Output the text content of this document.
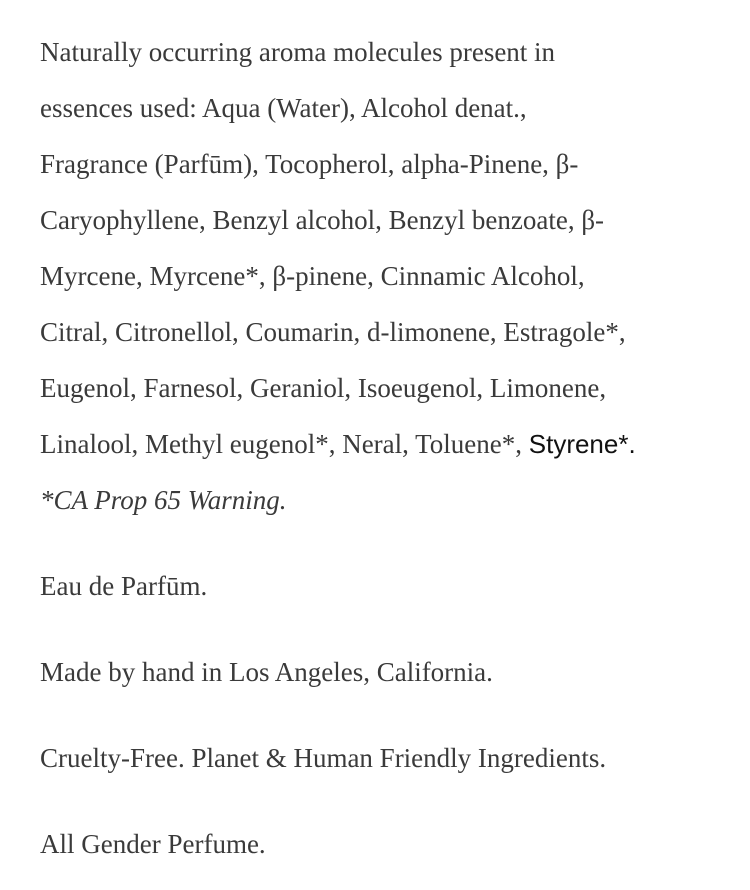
Naturally occurring aroma molecules present in
essences used: Aqua (Water), Alcohol denat.,
Fragrance (Parfūm), Tocopherol, alpha-Pinene, β-
Caryophyllene, Benzyl alcohol, Benzyl benzoate, β-
Myrcene, Myrcene*, β-pinene, Cinnamic Alcohol,
Citral, Citronellol, Coumarin, d-limonene, Estragole*,
Eugenol, Farnesol, Geraniol, Isoeugenol, Limonene,
Linalool, Methyl eugenol*, Neral, Toluene*, Styrene*.
*CA Prop 65 Warning.
Eau de Parfūm.
Made by hand in Los Angeles, California.
Cruelty-Free. Planet & Human Friendly Ingredients.
All Gender Perfume.
